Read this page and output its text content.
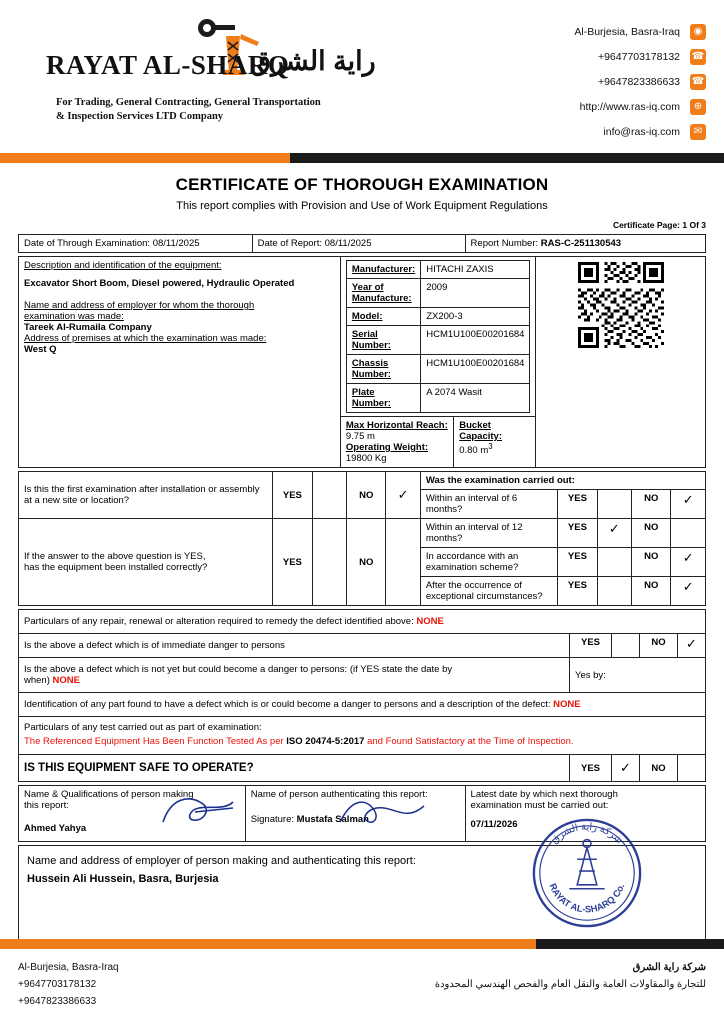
RAYAT AL-SHARQ
راية الشرق
For Trading, General Contracting, General Transportation
& Inspection Services LTD Company
Al-Burjesia, Basra-Iraq	◉
+9647703178132 ☎
+9647823386633 ☎
http://www.ras-iq.com	⊕
info@ras-iq.com	✉
CERTIFICATE OF THOROUGH EXAMINATION
This report complies with Provision and Use of Work Equipment Regulations
Certificate Page: 1 Of 3
Date of Through Examination: 08/11/2025	Date of Report: 08/11/2025	Report Number: RAS-C-251130543
Description and identification of the equipment:
Excavator Short Boom, Diesel powered, Hydraulic Operated
Name and address of employer for whom the thorough
examination was made:
Tareek Al-Rumaila Company
Address of premises at which the examination was made:
West Q

Manufacturer:	HITACHI ZAXIS
Year of Manufacture:	2009
Model:	ZX200-3
Serial Number:	HCM1U100E00201684
Chassis Number:	HCM1U100E00201684
Plate Number:	A 2074 Wasit

Max Horizontal Reach:
9.75 m
Operating Weight:
19800 Kg

Bucket Capacity:
0.80 $m^3$
Is this the first examination after installation or assembly at a new site or location?	YES		NO	✓	Was the examination carried out:				
					Within an interval of 6 months?	YES		NO	✓

If the answer to the above question is YES,
has the equipment been installed correctly?	YES		NO		Within an interval of 12 months?	YES	✓	NO	

					In accordance with an
examination scheme?	YES		NO	✓

					After the occurrence of
exceptional circumstances?	YES		NO	✓
Particulars of any repair, renewal or alteration required to remedy the defect identified above: NONE				
Is the above a defect which is of immediate danger to persons	YES		NO	✓

Is the above a defect which is not yet but could become a danger to persons: (if YES state the date by
when) NONE	Yes by:			
Identification of any part found to have a defect which is or could become a danger to persons and a description of the defect: NONE				

Particulars of any test carried out as part of examination:
The Referenced Equipment Has Been Function Tested As per ISO 20474-5:2017 and Found Satisfactory at the Time of Inspection.				

IS THIS EQUIPMENT SAFE TO OPERATE?	YES	✓	NO	
Name & Qualifications of person making
this report:
Ahmed Yahya

Name of person authenticating this report:
Signature: Mustafa Salman

Latest date by which next thorough
examination must be carried out:
07/11/2026
Name and address of employer of person making and authenticating this report:
Hussein Ali Hussein, Basra, Burjesia
شركة راية الشرق
RAYAT AL-SHARQ Co.
Al-Burjesia, Basra-Iraq
+9647703178132
+9647823386633
شركة راية الشرق
للتجارة والمقاولات العامة والنقل العام والفحص الهندسي المحدودة
